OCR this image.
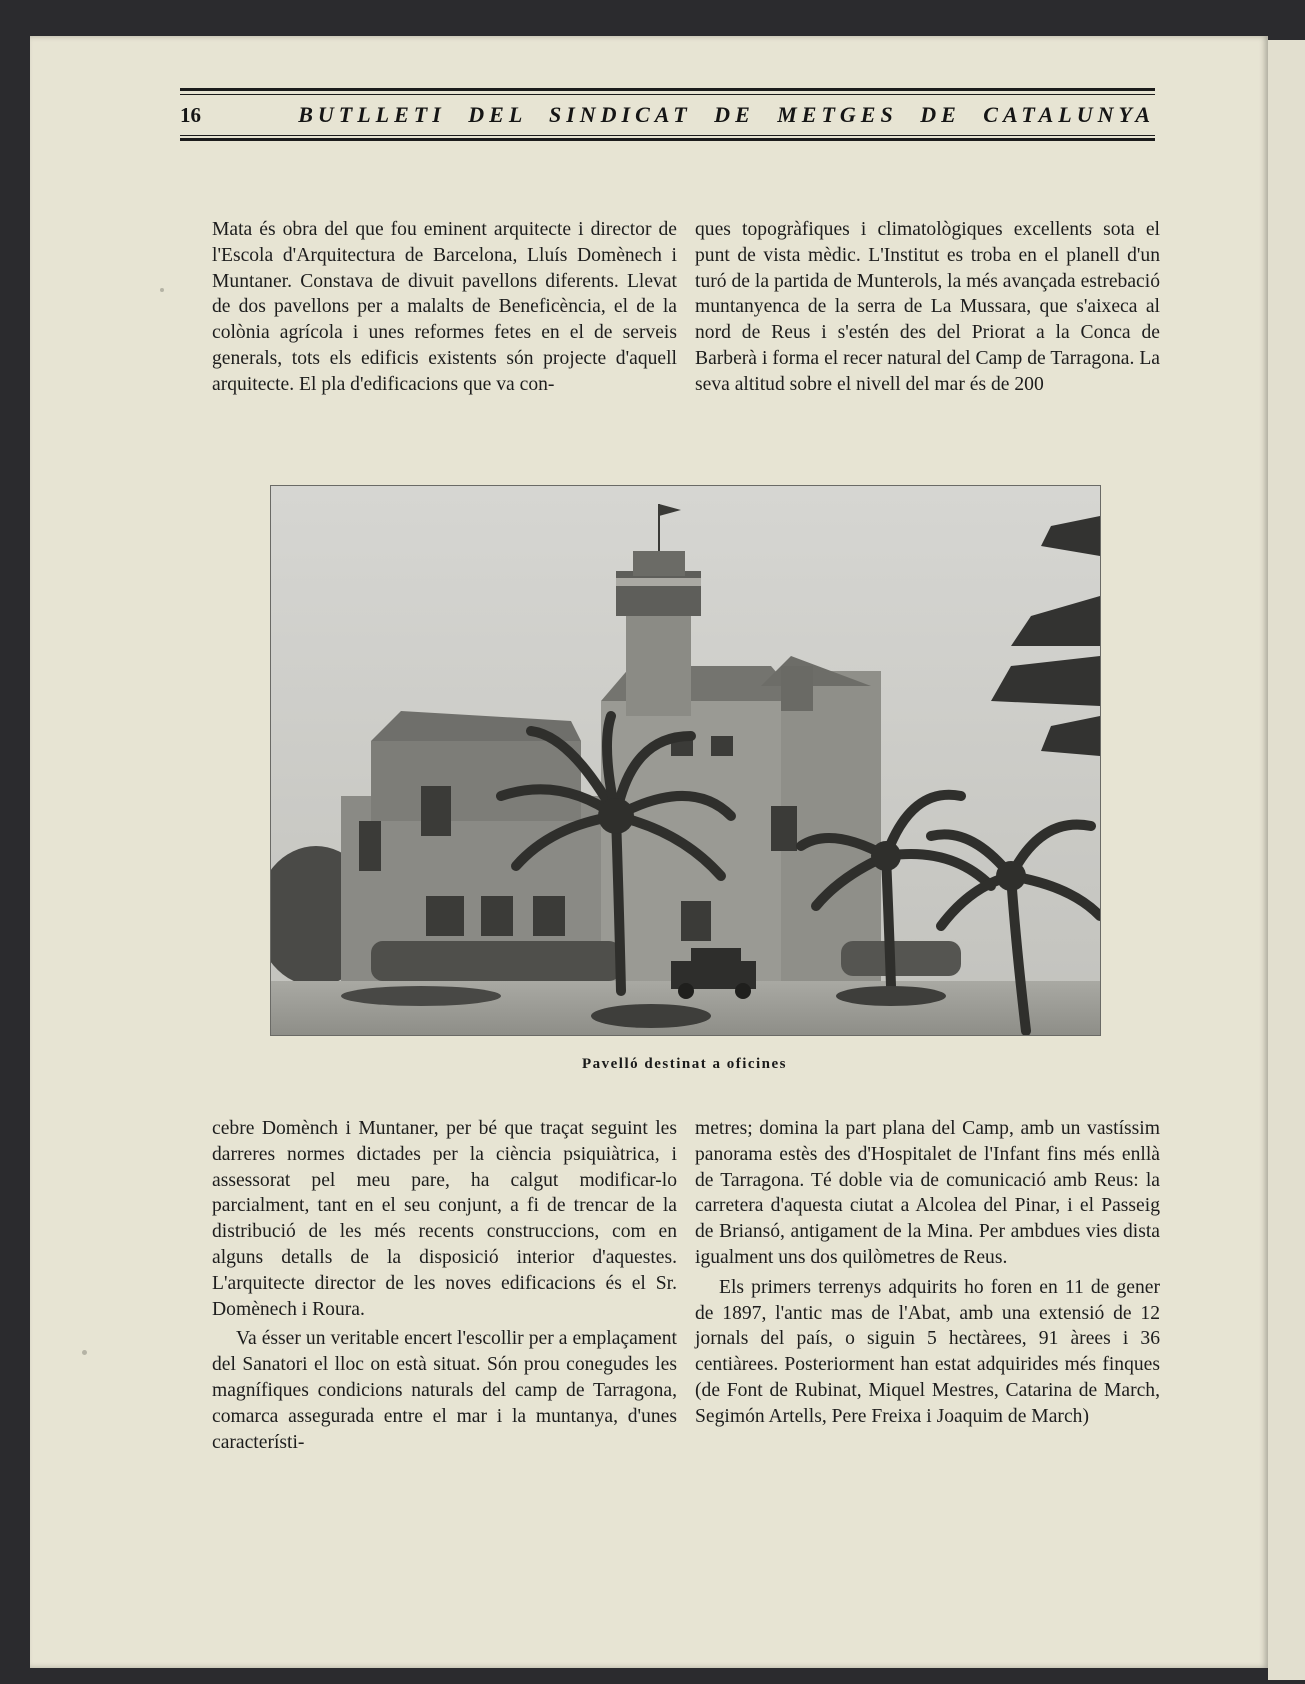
16	BUTLLETI DEL SINDICAT DE METGES DE CATALUNYA

Mata és obra del que fou eminent arquitecte i director de l'Escola d'Arquitectura de Barcelona, Lluís Domènech i Muntaner. Constava de divuit pavellons diferents. Llevat de dos pavellons per a malalts de Beneficència, el de la colònia agrícola i unes reformes fetes en el de serveis generals, tots els edificis existents són projecte d'aquell arquitecte. El pla d'edificacions que va con-

ques topogràfiques i climatològiques excellents sota el punt de vista mèdic. L'Institut es troba en el planell d'un turó de la partida de Munterols, la més avançada estrebació muntanyenca de la serra de La Mussara, que s'aixeca al nord de Reus i s'estén des del Priorat a la Conca de Barberà i forma el recer natural del Camp de Tarragona. La seva altitud sobre el nivell del mar és de 200

Pavelló destinat a oficines

cebre Domènch i Muntaner, per bé que traçat seguint les darreres normes dictades per la ciència psiquiàtrica, i assessorat pel meu pare, ha calgut modificar-lo parcialment, tant en el seu conjunt, a fi de trencar de la distribució de les més recents construccions, com en alguns detalls de la disposició interior d'aquestes. L'arquitecte director de les noves edificacions és el Sr. Domènech i Roura.

Va ésser un veritable encert l'escollir per a emplaçament del Sanatori el lloc on està situat. Són prou conegudes les magnífiques condicions naturals del camp de Tarragona, comarca assegurada entre el mar i la muntanya, d'unes característi-

metres; domina la part plana del Camp, amb un vastíssim panorama estès des d'Hospitalet de l'Infant fins més enllà de Tarragona. Té doble via de comunicació amb Reus: la carretera d'aquesta ciutat a Alcolea del Pinar, i el Passeig de Briansó, antigament de la Mina. Per ambdues vies dista igualment uns dos quilòmetres de Reus.

Els primers terrenys adquirits ho foren en 11 de gener de 1897, l'antic mas de l'Abat, amb una extensió de 12 jornals del país, o siguin 5 hectàrees, 91 àrees i 36 centiàrees. Posteriorment han estat adquirides més finques (de Font de Rubinat, Miquel Mestres, Catarina de March, Segimón Artells, Pere Freixa i Joaquim de March)
